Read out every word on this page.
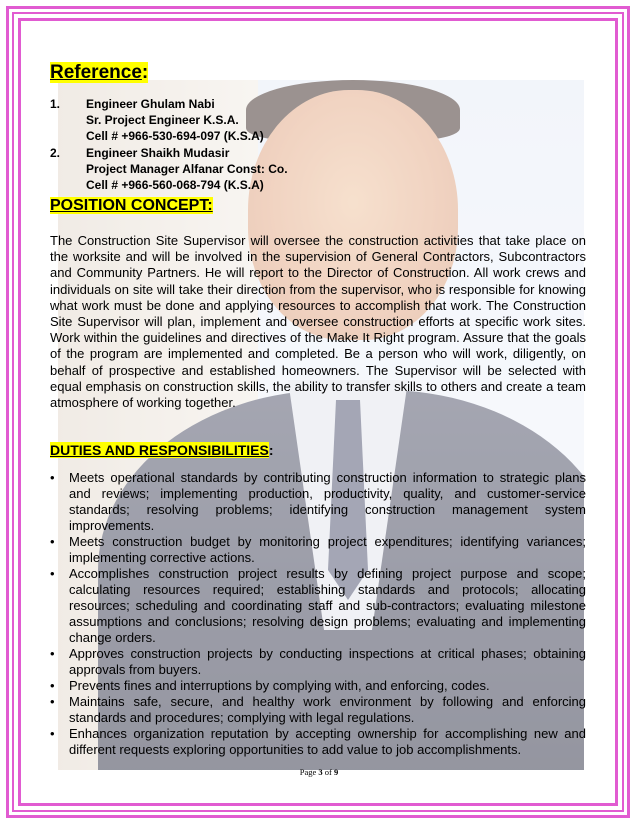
Reference:
1. Engineer Ghulam Nabi
Sr. Project Engineer K.S.A.
Cell # +966-530-694-097 (K.S.A)
2. Engineer Shaikh Mudasir
Project Manager Alfanar Const: Co.
Cell # +966-560-068-794 (K.S.A)
POSITION CONCEPT:
The Construction Site Supervisor will oversee the construction activities that take place on the worksite and will be involved in the supervision of General Contractors, Subcontractors and Community Partners. He will report to the Director of Construction. All work crews and individuals on site will take their direction from the supervisor, who is responsible for knowing what work must be done and applying resources to accomplish that work. The Construction Site Supervisor will plan, implement and oversee construction efforts at specific work sites. Work within the guidelines and directives of the Make It Right program. Assure that the goals of the program are implemented and completed. Be a person who will work, diligently, on behalf of prospective and established homeowners. The Supervisor will be selected with equal emphasis on construction skills, the ability to transfer skills to others and create a team atmosphere of working together.
DUTIES AND RESPONSIBILITIES:
• Meets operational standards by contributing construction information to strategic plans and reviews; implementing production, productivity, quality, and customer-service standards; resolving problems; identifying construction management system improvements.
• Meets construction budget by monitoring project expenditures; identifying variances; implementing corrective actions.
• Accomplishes construction project results by defining project purpose and scope; calculating resources required; establishing standards and protocols; allocating resources; scheduling and coordinating staff and sub-contractors; evaluating milestone assumptions and conclusions; resolving design problems; evaluating and implementing change orders.
• Approves construction projects by conducting inspections at critical phases; obtaining approvals from buyers.
• Prevents fines and interruptions by complying with, and enforcing, codes.
• Maintains safe, secure, and healthy work environment by following and enforcing standards and procedures; complying with legal regulations.
• Enhances organization reputation by accepting ownership for accomplishing new and different requests exploring opportunities to add value to job accomplishments.
Page 3 of 9
